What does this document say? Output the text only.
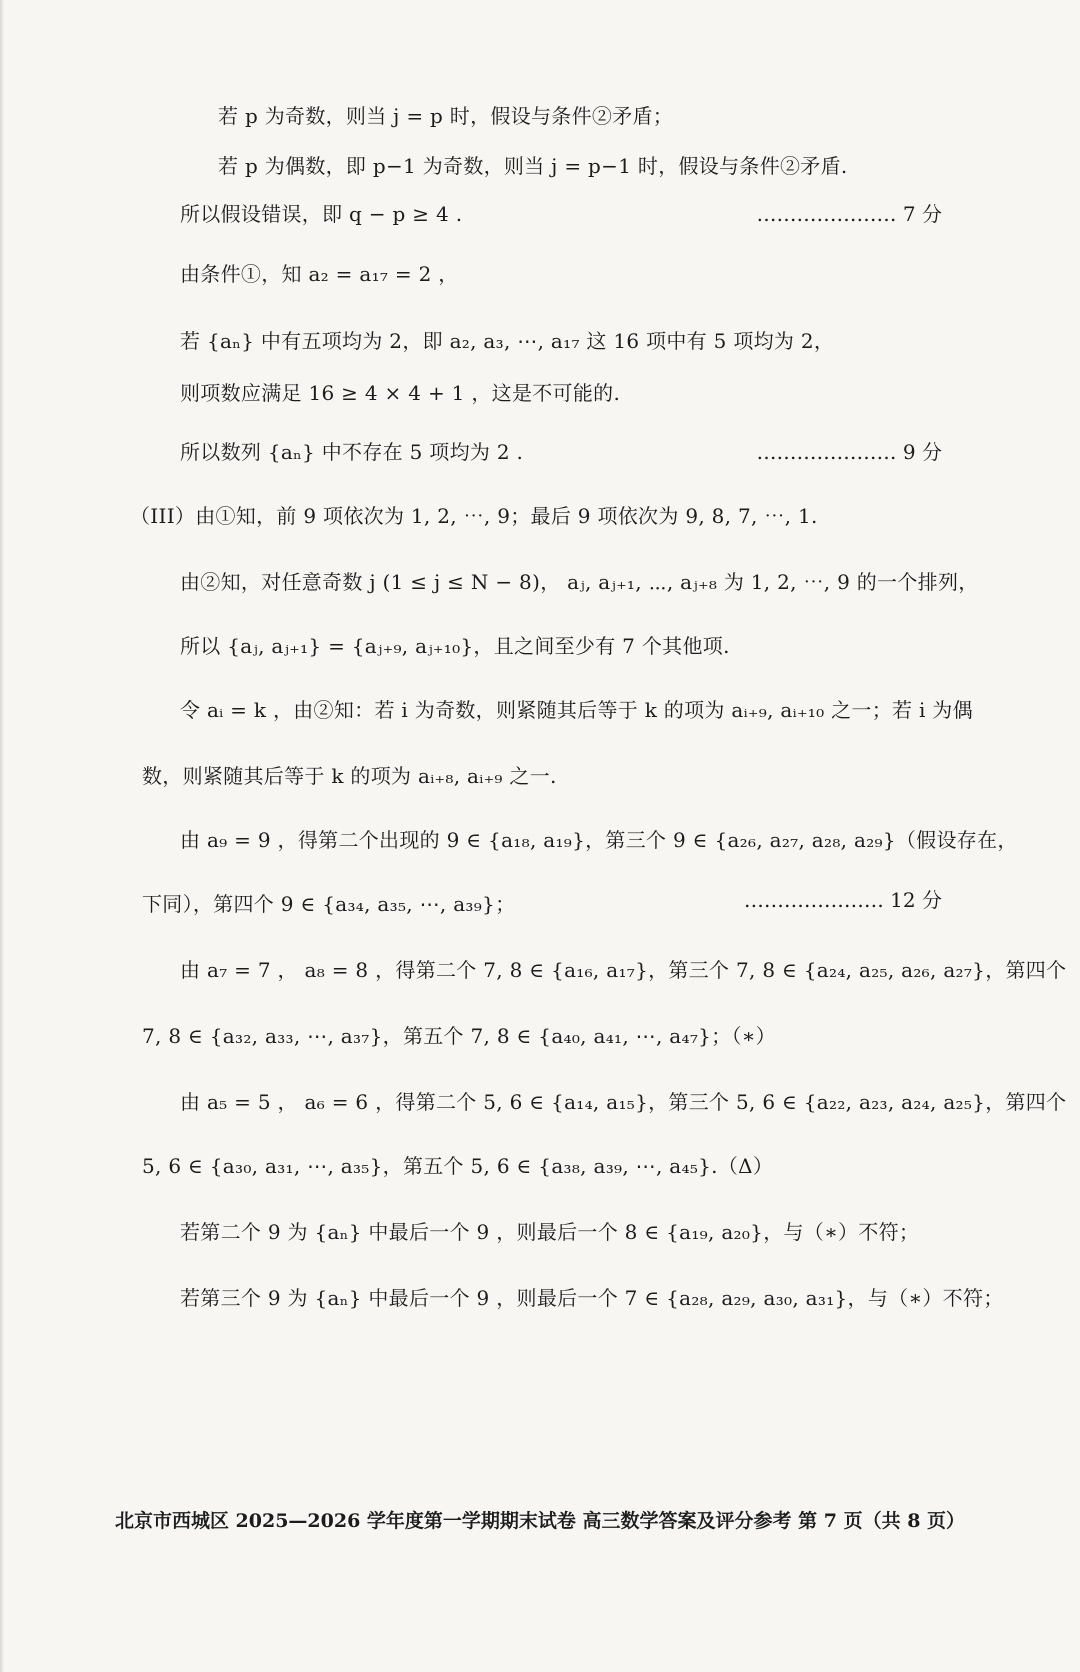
若 p 为奇数，则当 j = p 时，假设与条件②矛盾；
若 p 为偶数，即 p−1 为奇数，则当 j = p−1 时，假设与条件②矛盾.
所以假设错误，即 q − p ≥ 4 .	………………… 7 分
由条件①，知 a₂ = a₁₇ = 2 ，
若 {aₙ} 中有五项均为 2，即 a₂, a₃, ⋯, a₁₇ 这 16 项中有 5 项均为 2，
则项数应满足 16 ≥ 4 × 4 + 1 ，这是不可能的.
所以数列 {aₙ} 中不存在 5 项均为 2 .	………………… 9 分
（III）由①知，前 9 项依次为 1, 2, ⋯, 9；最后 9 项依次为 9, 8, 7, ⋯, 1.
由②知，对任意奇数 j (1 ≤ j ≤ N − 8)， aⱼ, aⱼ₊₁, ⋯, aⱼ₊₈ 为 1, 2, ⋯, 9 的一个排列，
所以 {aⱼ, aⱼ₊₁} = {aⱼ₊₉, aⱼ₊₁₀}，且之间至少有 7 个其他项.
令 aᵢ = k ，由②知：若 i 为奇数，则紧随其后等于 k 的项为 aᵢ₊₉, aᵢ₊₁₀ 之一；若 i 为偶
数，则紧随其后等于 k 的项为 aᵢ₊₈, aᵢ₊₉ 之一.
由 a₉ = 9 ，得第二个出现的 9 ∈ {a₁₈, a₁₉}，第三个 9 ∈ {a₂₆, a₂₇, a₂₈, a₂₉}（假设存在，
下同），第四个 9 ∈ {a₃₄, a₃₅, ⋯, a₃₉}；	………………… 12 分
由 a₇ = 7 ， a₈ = 8 ，得第二个 7, 8 ∈ {a₁₆, a₁₇}，第三个 7, 8 ∈ {a₂₄, a₂₅, a₂₆, a₂₇}，第四个
7, 8 ∈ {a₃₂, a₃₃, ⋯, a₃₇}，第五个 7, 8 ∈ {a₄₀, a₄₁, ⋯, a₄₇}；（∗）
由 a₅ = 5 ， a₆ = 6 ，得第二个 5, 6 ∈ {a₁₄, a₁₅}，第三个 5, 6 ∈ {a₂₂, a₂₃, a₂₄, a₂₅}，第四个
5, 6 ∈ {a₃₀, a₃₁, ⋯, a₃₅}，第五个 5, 6 ∈ {a₃₈, a₃₉, ⋯, a₄₅}.（Δ）
若第二个 9 为 {aₙ} 中最后一个 9 ，则最后一个 8 ∈ {a₁₉, a₂₀}，与（∗）不符；
若第三个 9 为 {aₙ} 中最后一个 9 ，则最后一个 7 ∈ {a₂₈, a₂₉, a₃₀, a₃₁}，与（∗）不符；
北京市西城区 2025—2026 学年度第一学期期末试卷 高三数学答案及评分参考 第 7 页（共 8 页）
